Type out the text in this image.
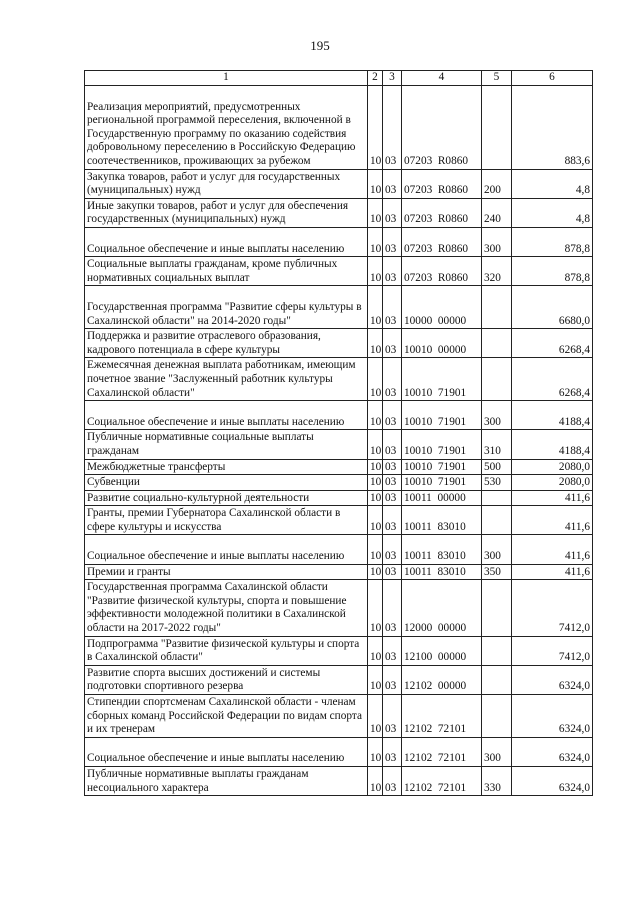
195
1	2	3	4	5	6
Реализация мероприятий, предусмотренных региональной программой переселения, включенной в Государственную программу по оказанию содействия добровольному переселению в Российскую Федерацию соотечественников, проживающих за рубежом	10	03	07203  R0860		883,6
Закупка товаров, работ и услуг для государственных (муниципальных) нужд	10	03	07203  R0860	200	4,8
Иные закупки товаров, работ и услуг для обеспечения государственных (муниципальных) нужд	10	03	07203  R0860	240	4,8
Социальное обеспечение и иные выплаты населению	10	03	07203  R0860	300	878,8
Социальные выплаты гражданам, кроме публичных нормативных социальных выплат	10	03	07203  R0860	320	878,8
Государственная программа "Развитие сферы культуры в Сахалинской области" на 2014-2020 годы"	10	03	10000  00000		6680,0
Поддержка и развитие отраслевого образования, кадрового потенциала в сфере культуры	10	03	10010  00000		6268,4
Ежемесячная денежная выплата работникам, имеющим почетное звание "Заслуженный работник культуры Сахалинской области"	10	03	10010  71901		6268,4
Социальное обеспечение и иные выплаты населению	10	03	10010  71901	300	4188,4
Публичные нормативные социальные выплаты гражданам	10	03	10010  71901	310	4188,4
Межбюджетные трансферты	10	03	10010  71901	500	2080,0
Субвенции	10	03	10010  71901	530	2080,0
Развитие социально-культурной деятельности	10	03	10011  00000		411,6
Гранты, премии Губернатора Сахалинской области в сфере культуры и искусства	10	03	10011  83010		411,6
Социальное обеспечение и иные выплаты населению	10	03	10011  83010	300	411,6
Премии и гранты	10	03	10011  83010	350	411,6
Государственная программа Сахалинской области "Развитие физической культуры, спорта и повышение эффективности молодежной политики в Сахалинской области на 2017-2022 годы"	10	03	12000  00000		7412,0
Подпрограмма "Развитие физической культуры и спорта в Сахалинской области"	10	03	12100  00000		7412,0
Развитие спорта высших достижений и системы подготовки спортивного резерва	10	03	12102  00000		6324,0
Стипендии спортсменам Сахалинской области - членам сборных команд Российской Федерации по видам спорта и их тренерам	10	03	12102  72101		6324,0
Социальное обеспечение и иные выплаты населению	10	03	12102  72101	300	6324,0
Публичные нормативные выплаты гражданам несоциального характера	10	03	12102  72101	330	6324,0
